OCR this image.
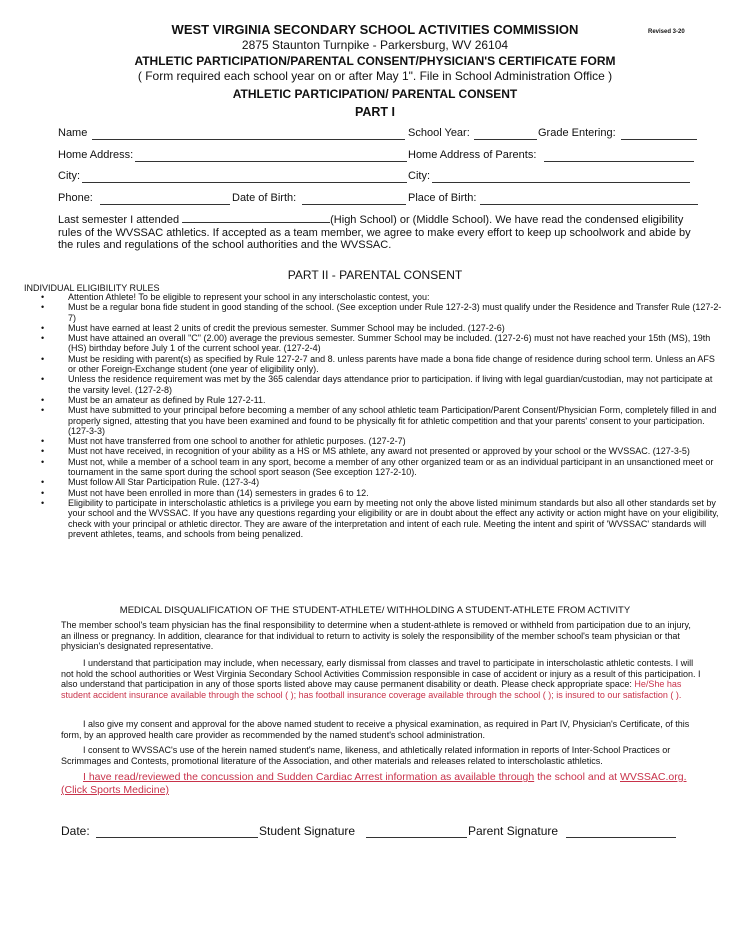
WEST VIRGINIA SECONDARY SCHOOL ACTIVITIES COMMISSION	Revised 3-20
2875 Staunton Turnpike - Parkersburg, WV 26104
ATHLETIC PARTICIPATION/PARENTAL CONSENT/PHYSICIAN'S CERTIFICATE FORM
( Form required each school year on or after May 1". File in School Administration Office )
ATHLETIC PARTICIPATION/ PARENTAL CONSENT
PART I
Name	School Year:	Grade Entering:
Home Address:	Home Address of Parents:
City:	City:
Phone:	Date of Birth:	Place of Birth:
Last semester I attended	(High School) or (Middle School). We have read the condensed eligibility rules of the WVSSAC athletics. If accepted as a team member, we agree to make every effort to keep up schoolwork and abide by the rules and regulations of the school authorities and the WVSSAC.
PART II - PARENTAL CONSENT
INDIVIDUAL ELIGIBILITY RULES
•	Attention Athlete! To be eligible to represent your school in any interscholastic contest, you:
•	Must be a regular bona fide student in good standing of the school. (See exception under Rule 127-2-3) must qualify under the Residence and Transfer Rule (127-2-7)
•	Must have earned at least 2 units of credit the previous semester. Summer School may be included. (127-2-6)
•	Must have attained an overall "C" (2.00) average the previous semester. Summer School may be included. (127-2-6) must not have reached your 15th (MS), 19th (HS) birthday before July 1 of the current school year. (127-2-4)
•	Must be residing with parent(s) as specified by Rule 127-2-7 and 8. unless parents have made a bona fide change of residence during school term. Unless an AFS or other Foreign-Exchange student (one year of eligibility only).
•	Unless the residence requirement was met by the 365 calendar days attendance prior to participation. if living with legal guardian/custodian, may not participate at the varsity level. (127-2-8)
•	Must be an amateur as defined by Rule 127-2-11.
•	Must have submitted to your principal before becoming a member of any school athletic team Participation/Parent Consent/Physician Form, completely filled in and properly signed, attesting that you have been examined and found to be physically fit for athletic competition and that your parents' consent to your participation. (127-3-3)
•	Must not have transferred from one school to another for athletic purposes. (127-2-7)
•	Must not have received, in recognition of your ability as a HS or MS athlete, any award not presented or approved by your school or the WVSSAC. (127-3-5)
•	Must not, while a member of a school team in any sport, become a member of any other organized team or as an individual participant in an unsanctioned meet or tournament in the same sport during the school sport season (See exception 127-2-10).
•	Must follow All Star Participation Rule. (127-3-4)
•	Must not have been enrolled in more than (14) semesters in grades 6 to 12.
•	Eligibility to participate in interscholastic athletics is a privilege you earn by meeting not only the above listed minimum standards but also all other standards set by your school and the WVSSAC. If you have any questions regarding your eligibility or are in doubt about the effect any activity or action might have on your eligibility, check with your principal or athletic director. They are aware of the interpretation and intent of each rule. Meeting the intent and spirit of 'WVSSAC' standards will prevent athletes, teams, and schools from being penalized.
MEDICAL DISQUALIFICATION OF THE STUDENT-ATHLETE/ WITHHOLDING A STUDENT-ATHLETE FROM ACTIVITY
The member school's team physician has the final responsibility to determine when a student-athlete is removed or withheld from participation due to an injury, an illness or pregnancy. In addition, clearance for that individual to return to activity is solely the responsibility of the member school's team physician or that physician's designated representative.
I understand that participation may include, when necessary, early dismissal from classes and travel to participate in interscholastic athletic contests. I will not hold the school authorities or West Virginia Secondary School Activities Commission responsible in case of accident or injury as a result of this participation. I also understand that participation in any of those sports listed above may cause permanent disability or death. Please check appropriate space: He/She has student accident insurance available through the school ( ); has football insurance coverage available through the school ( ); is insured to our satisfaction ( ).
I also give my consent and approval for the above named student to receive a physical examination, as required in Part IV, Physician's Certificate, of this form, by an approved health care provider as recommended by the named student's school administration.
I consent to WVSSAC's use of the herein named student's name, likeness, and athletically related information in reports of Inter-School Practices or Scrimmages and Contests, promotional literature of the Association, and other materials and releases related to interscholastic athletics.
I have read/reviewed the concussion and Sudden Cardiac Arrest information as available through the school and at WVSSAC.org. (Click Sports Medicine)
Date:	Student Signature	Parent Signature
